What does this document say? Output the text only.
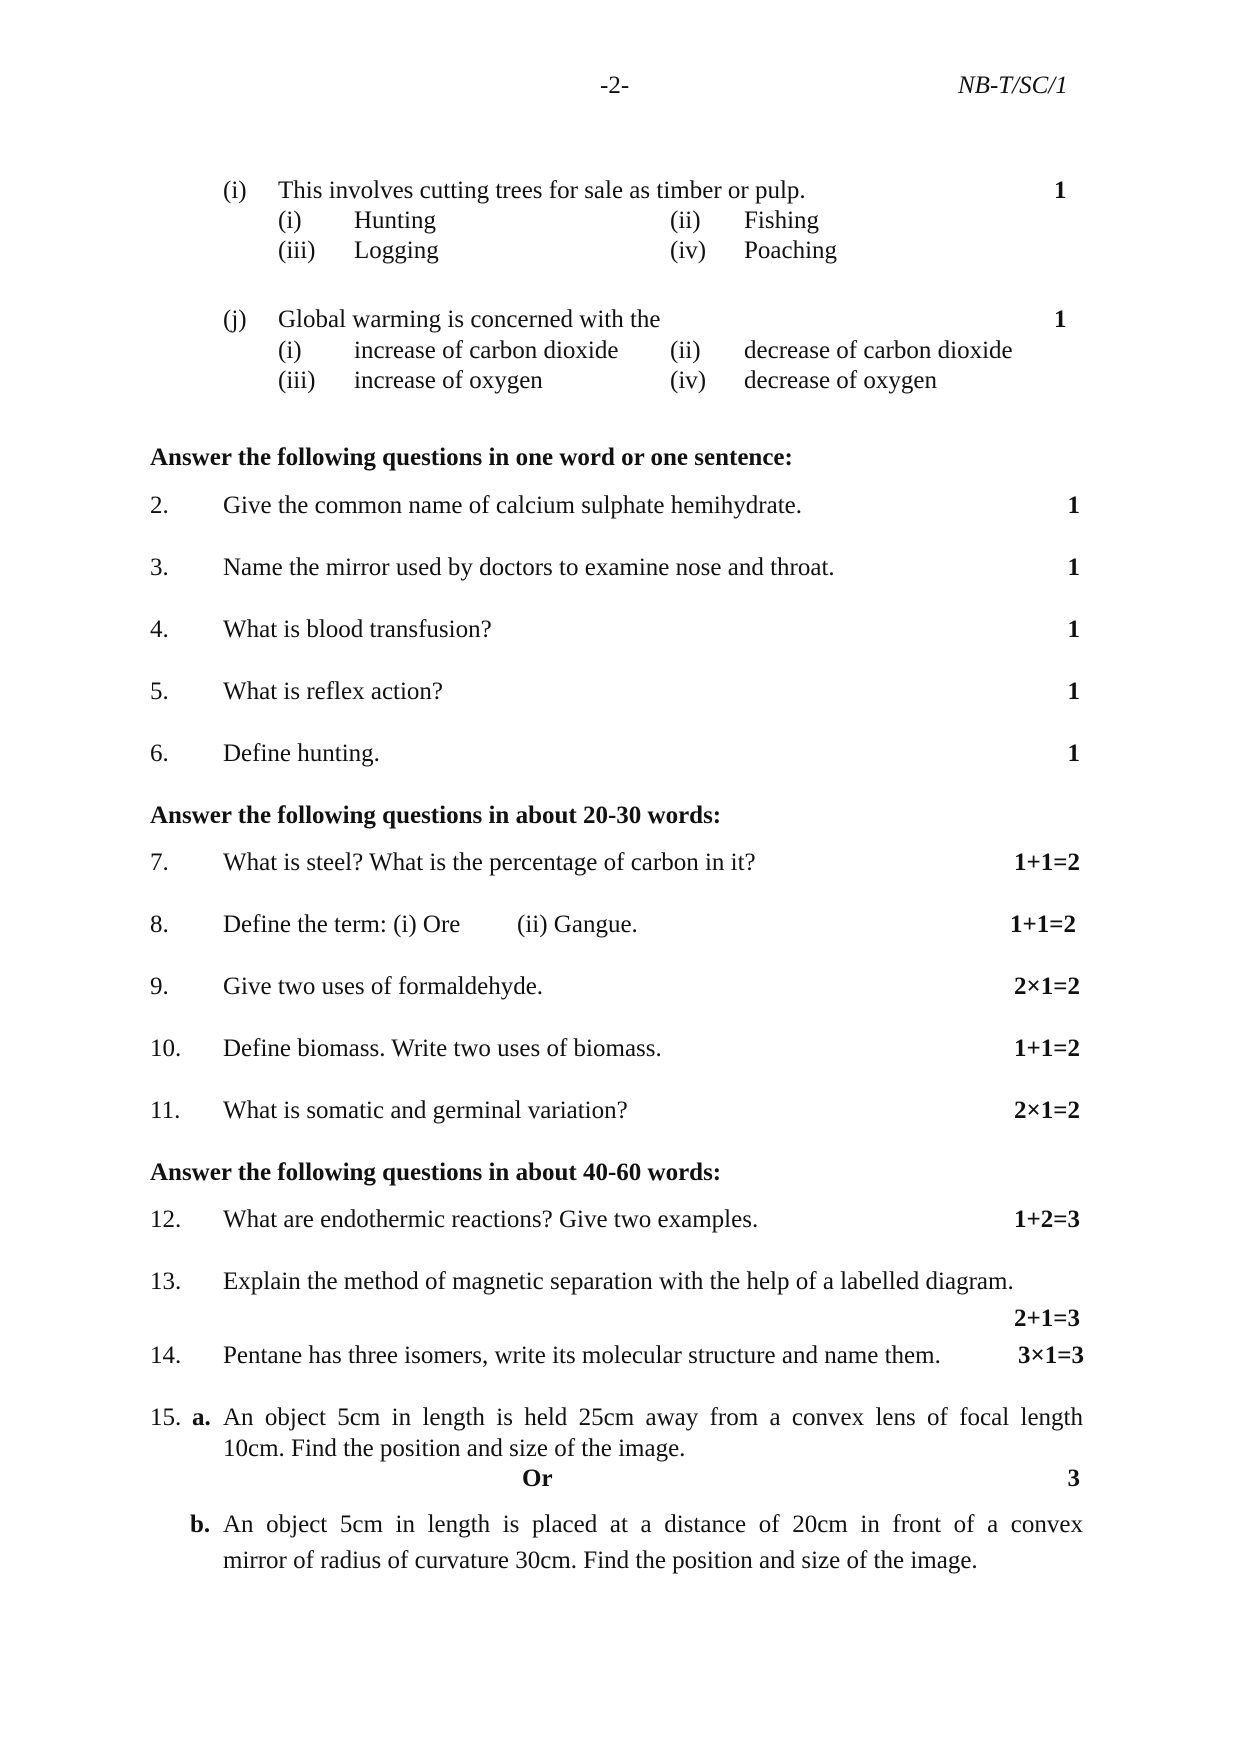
-2-	NB-T/SC/1
(i) This involves cutting trees for sale as timber or pulp.	1
(i) Hunting	(ii) Fishing
(iii) Logging	(iv) Poaching
(j) Global warming is concerned with the	1
(i) increase of carbon dioxide (ii) decrease of carbon dioxide
(iii) increase of oxygen	(iv) decrease of oxygen
Answer the following questions in one word or one sentence:
2. Give the common name of calcium sulphate hemihydrate.	1
3. Name the mirror used by doctors to examine nose and throat.	1
4. What is blood transfusion?	1
5. What is reflex action?	1
6. Define hunting.	1
Answer the following questions in about 20-30 words:
7. What is steel? What is the percentage of carbon in it?	1+1=2
8. Define the term: (i) Ore (ii) Gangue.	1+1=2
9. Give two uses of formaldehyde.	2×1=2
10. Define biomass. Write two uses of biomass.	1+1=2
11. What is somatic and germinal variation?	2×1=2
Answer the following questions in about 40-60 words:
12. What are endothermic reactions? Give two examples.	1+2=3
13. Explain the method of magnetic separation with the help of a labelled diagram.
2+1=3
14. Pentane has three isomers, write its molecular structure and name them.	3×1=3
15. a. An object 5cm in length is held 25cm away from a convex lens of focal length
10cm. Find the position and size of the image.
Or	3
b. An object 5cm in length is placed at a distance of 20cm in front of a convex
mirror of radius of curvature 30cm. Find the position and size of the image.
